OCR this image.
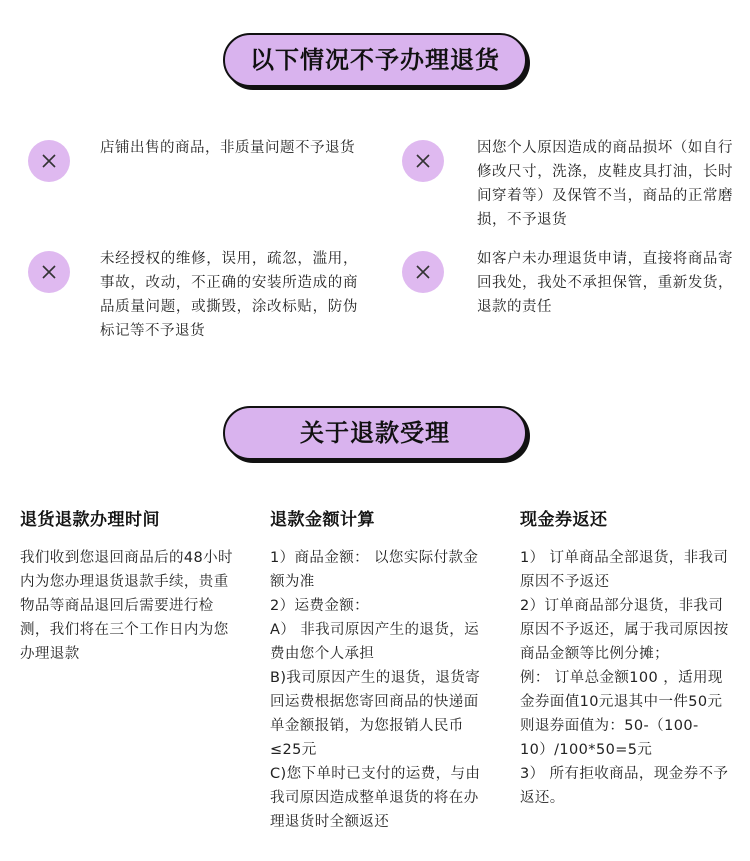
以下情况不予办理退货
店铺出售的商品，非质量问题不予退货	因您个人原因造成的商品损坏（如自行修改尺寸，洗涤，皮鞋皮具打油，长时间穿着等）及保管不当，商品的正常磨损，不予退货
未经授权的维修，误用，疏忽，滥用，事故，改动，不正确的安装所造成的商品质量问题，或撕毁，涂改标贴，防伪标记等不予退货
如客户未办理退货申请，直接将商品寄回我处，我处不承担保管，重新发货，退款的责任
关于退款受理
退货退款办理时间
我们收到您退回商品后的48小时内为您办理退货退款手续，贵重物品等商品退回后需要进行检测，我们将在三个工作日内为您办理退款
退款金额计算
1）商品金额： 以您实际付款金额为准
2）运费金额：
A） 非我司原因产生的退货，运费由您个人承担
B)我司原因产生的退货，退货寄回运费根据您寄回商品的快递面单金额报销，为您报销人民币≤25元
C)您下单时已支付的运费，与由我司原因造成整单退货的将在办理退货时全额返还
现金券返还
1） 订单商品全部退货，非我司原因不予返还
2）订单商品部分退货，非我司原因不予返还，属于我司原因按商品金额等比例分摊；
例： 订单总金额100 ，适用现金券面值10元退其中一件50元则退券面值为：50-（100-10）/100*50=5元
3） 所有拒收商品，现金券不予返还。
